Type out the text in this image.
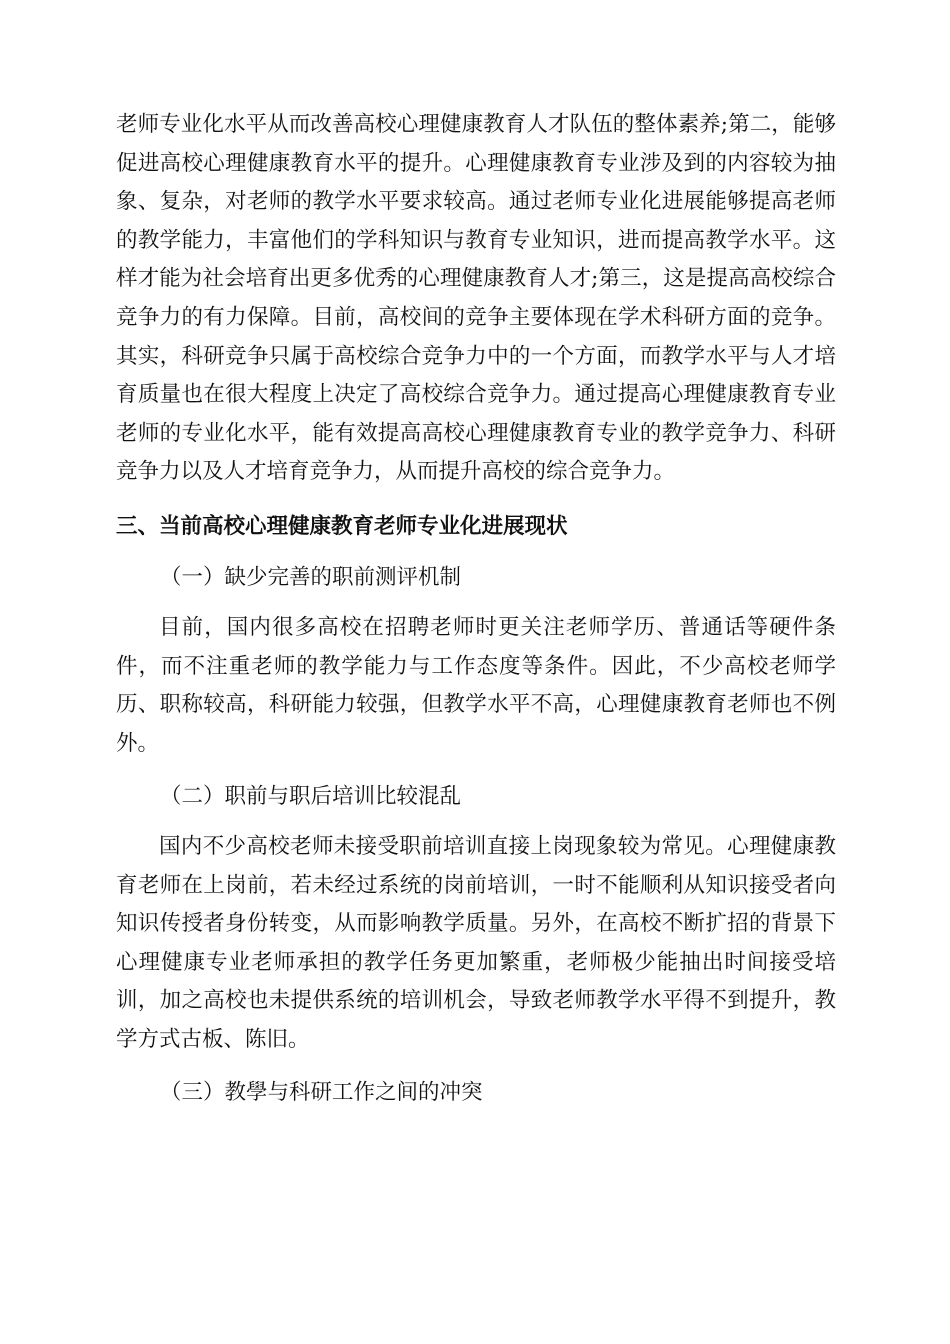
老师专业化水平从而改善高校心理健康教育人才队伍的整体素养;第二，能够促进高校心理健康教育水平的提升。心理健康教育专业涉及到的内容较为抽象、复杂，对老师的教学水平要求较高。通过老师专业化进展能够提高老师的教学能力，丰富他们的学科知识与教育专业知识，进而提高教学水平。这样才能为社会培育出更多优秀的心理健康教育人才;第三，这是提高高校综合竞争力的有力保障。目前，高校间的竞争主要体现在学术科研方面的竞争。其实，科研竞争只属于高校综合竞争力中的一个方面，而教学水平与人才培育质量也在很大程度上决定了高校综合竞争力。通过提高心理健康教育专业老师的专业化水平，能有效提高高校心理健康教育专业的教学竞争力、科研竞争力以及人才培育竞争力，从而提升高校的综合竞争力。

三、当前高校心理健康教育老师专业化进展现状

（一）缺少完善的职前测评机制

目前，国内很多高校在招聘老师时更关注老师学历、普通话等硬件条件，而不注重老师的教学能力与工作态度等条件。因此，不少高校老师学历、职称较高，科研能力较强，但教学水平不高，心理健康教育老师也不例外。

（二）职前与职后培训比较混乱

国内不少高校老师未接受职前培训直接上岗现象较为常见。心理健康教育老师在上岗前，若未经过系统的岗前培训，一时不能顺利从知识接受者向知识传授者身份转变，从而影响教学质量。另外，在高校不断扩招的背景下心理健康专业老师承担的教学任务更加繁重，老师极少能抽出时间接受培训，加之高校也未提供系统的培训机会，导致老师教学水平得不到提升，教学方式古板、陈旧。

（三）教學与科研工作之间的冲突
